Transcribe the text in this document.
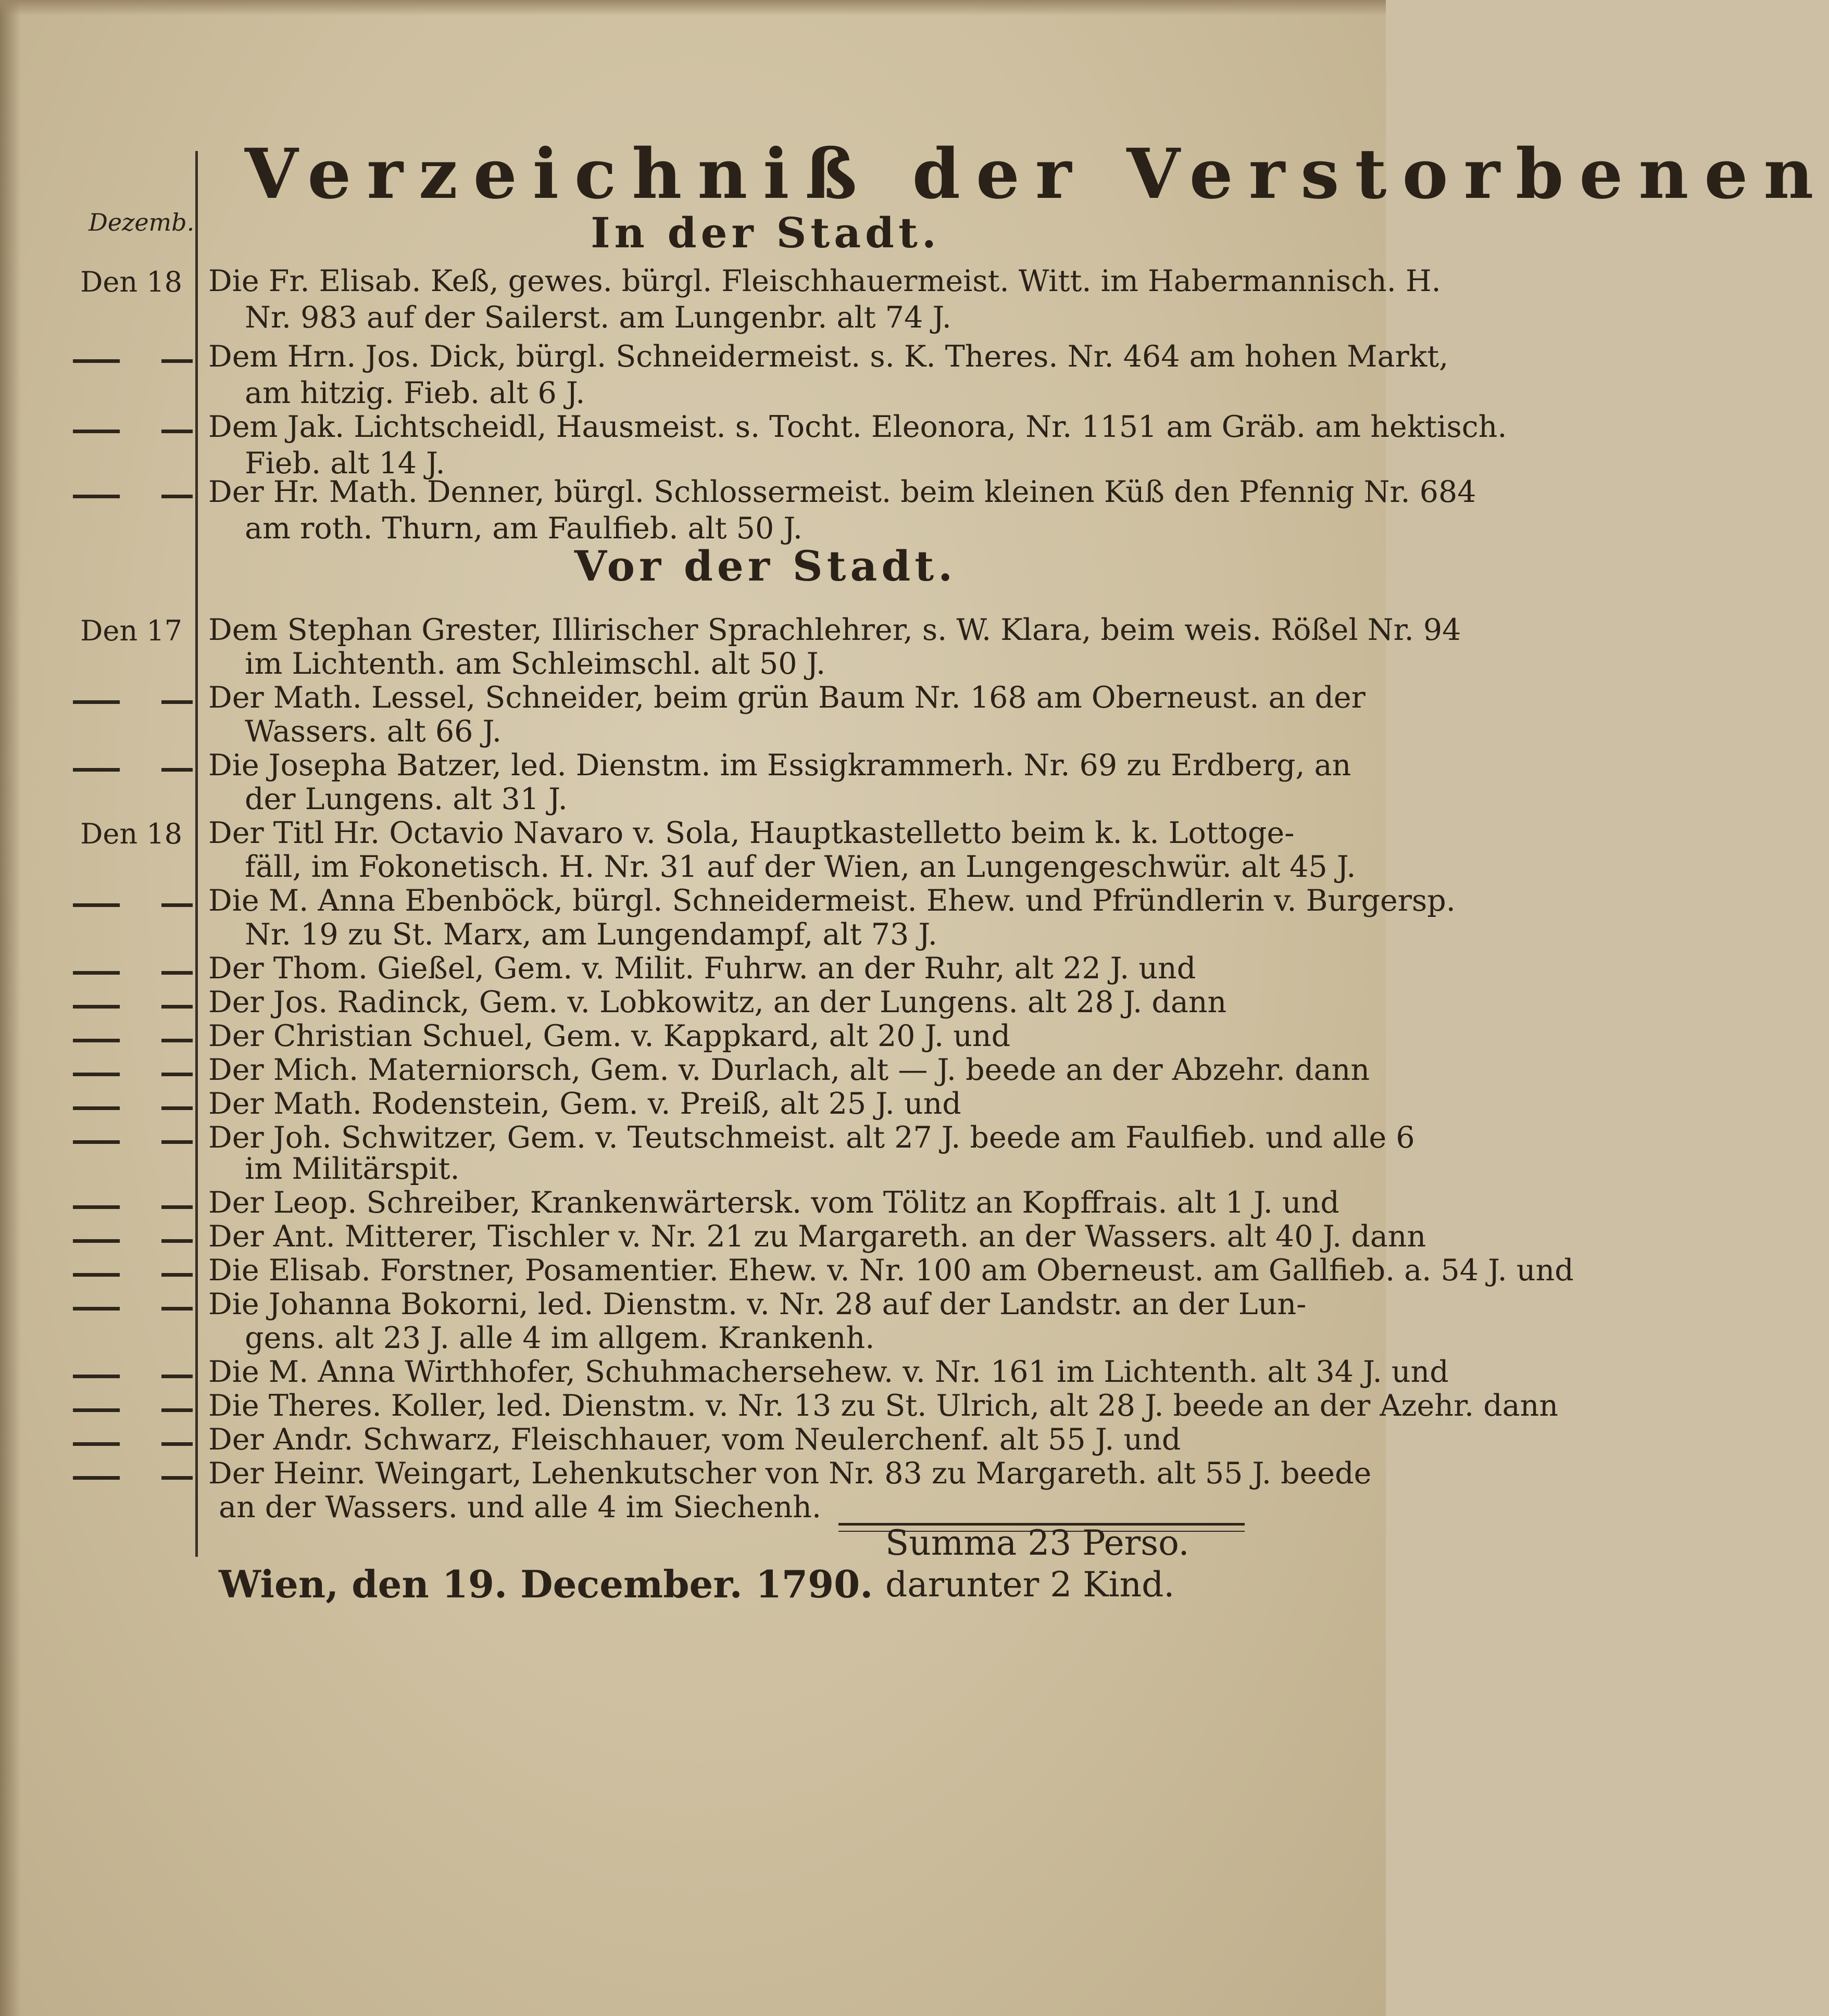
Verzeichniß der Verstorbenen
Dezemb.	In der Stadt.
Den 18 Die Fr. Elisab. Keß, gewes. bürgl. Fleischhauermeist. Witt. im Habermannisch. H.
Nr. 983 auf der Sailerst. am Lungenbr. alt 74 J.
Dem Hrn. Jos. Dick, bürgl. Schneidermeist. s. K. Theres. Nr. 464 am hohen Markt,
am hitzig. Fieb. alt 6 J.
Dem Jak. Lichtscheidl, Hausmeist. s. Tocht. Eleonora, Nr. 1151 am Gräb. am hektisch.
Fieb. alt 14 J.
Der Hr. Math. Denner, bürgl. Schlossermeist. beim kleinen Küß den Pfennig Nr. 684
am roth. Thurn, am Faulfieb. alt 50 J.
Vor der Stadt.
Den 17 Dem Stephan Grester, Illirischer Sprachlehrer, s. W. Klara, beim weis. Rößel Nr. 94
im Lichtenth. am Schleimschl. alt 50 J.
Der Math. Lessel, Schneider, beim grün Baum Nr. 168 am Oberneust. an der
Wassers. alt 66 J.
Die Josepha Batzer, led. Dienstm. im Essigkrammerh. Nr. 69 zu Erdberg, an
der Lungens. alt 31 J.
Den 18 Der Titl Hr. Octavio Navaro v. Sola, Hauptkastelletto beim k. k. Lottoge-
fäll, im Fokonetisch. H. Nr. 31 auf der Wien, an Lungengeschwür. alt 45 J.
Die M. Anna Ebenböck, bürgl. Schneidermeist. Ehew. und Pfründlerin v. Burgersp.
Nr. 19 zu St. Marx, am Lungendampf, alt 73 J.
Der Thom. Gießel, Gem. v. Milit. Fuhrw. an der Ruhr, alt 22 J. und
Der Jos. Radinck, Gem. v. Lobkowitz, an der Lungens. alt 28 J. dann
Der Christian Schuel, Gem. v. Kappkard, alt 20 J. und
Der Mich. Materniorsch, Gem. v. Durlach, alt — J. beede an der Abzehr. dann
Der Math. Rodenstein, Gem. v. Preiß, alt 25 J. und
Der Joh. Schwitzer, Gem. v. Teutschmeist. alt 27 J. beede am Faulfieb. und alle 6
im Militärspit.
Der Leop. Schreiber, Krankenwärtersk. vom Tölitz an Kopffrais. alt 1 J. und
Der Ant. Mitterer, Tischler v. Nr. 21 zu Margareth. an der Wassers. alt 40 J. dann
Die Elisab. Forstner, Posamentier. Ehew. v. Nr. 100 am Oberneust. am Gallfieb. a. 54 J. und
Die Johanna Bokorni, led. Dienstm. v. Nr. 28 auf der Landstr. an der Lun-
gens. alt 23 J. alle 4 im allgem. Krankenh.
Die M. Anna Wirthhofer, Schuhmachersehew. v. Nr. 161 im Lichtenth. alt 34 J. und
Die Theres. Koller, led. Dienstm. v. Nr. 13 zu St. Ulrich, alt 28 J. beede an der Azehr. dann
Der Andr. Schwarz, Fleischhauer, vom Neulerchenf. alt 55 J. und
Der Heinr. Weingart, Lehenkutscher von Nr. 83 zu Margareth. alt 55 J. beede
an der Wassers. und alle 4 im Siechenh.
Summa 23 Perso.
darunter 2 Kind.
Wien, den 19. December. 1790.
